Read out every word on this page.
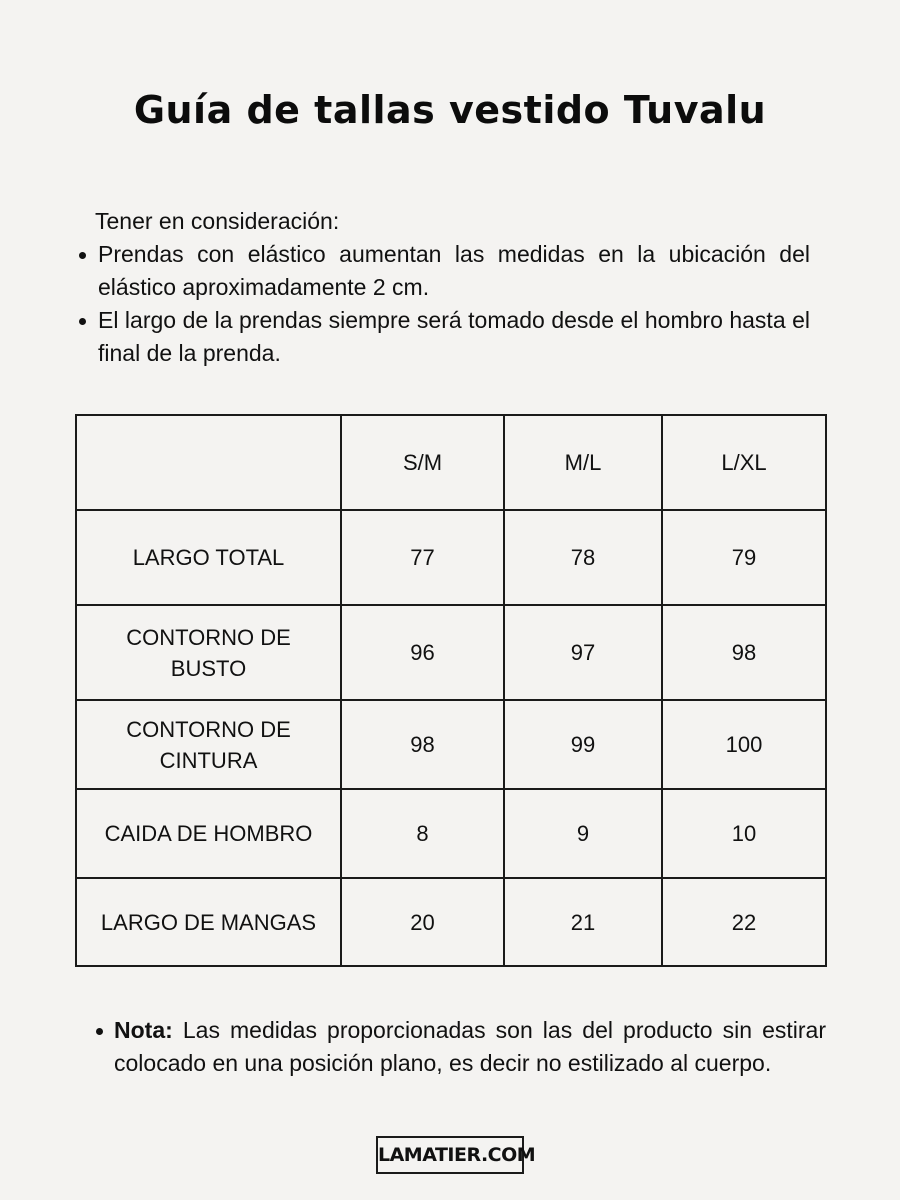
Guía de tallas vestido Tuvalu
Tener en consideración:
Prendas con elástico aumentan las medidas en la ubicación del elástico aproximadamente 2 cm.
El largo de la prendas siempre será tomado desde el hombro hasta el final de la prenda.
	S/M	M/L	L/XL
LARGO TOTAL	77	78	79
CONTORNO DE BUSTO	96	97	98
CONTORNO DE CINTURA	98	99	100
CAIDA DE HOMBRO	8	9	10
LARGO DE MANGAS	20	21	22
Nota: Las medidas proporcionadas son las del producto sin estirar colocado en una posición plano, es decir no estilizado al cuerpo.
LAMATIER.COM
